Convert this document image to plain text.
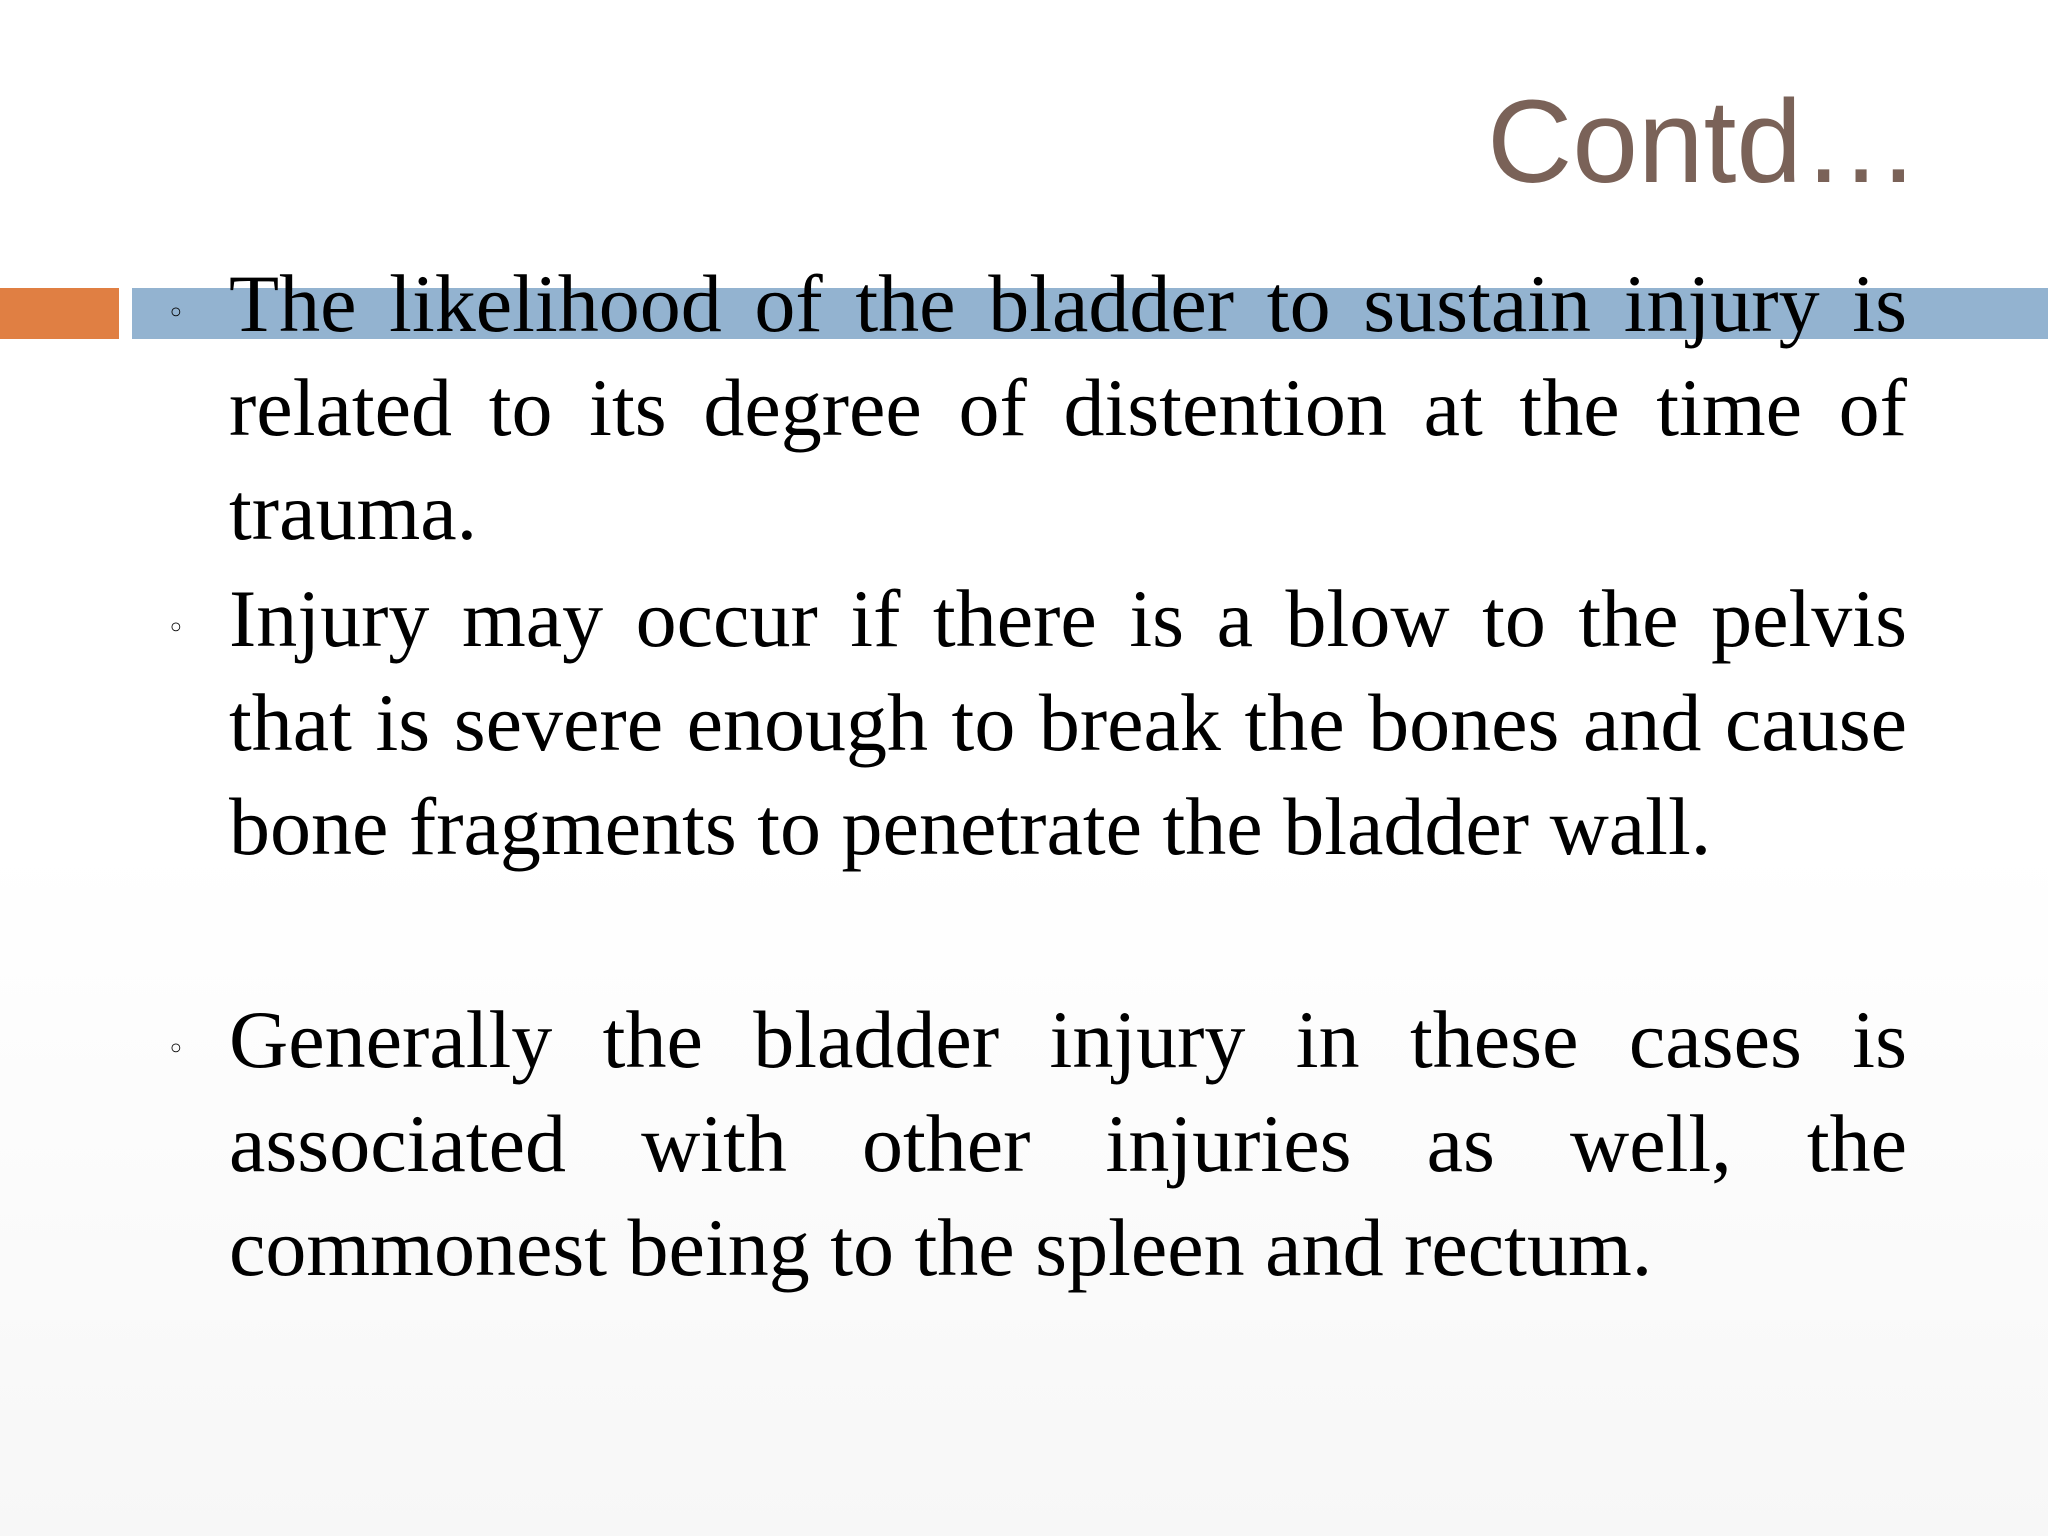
Contd…
◦ The likelihood of the bladder to sustain injury is related to its degree of distention at the time of trauma.
◦ Injury may occur if there is a blow to the pelvis that is severe enough to break the bones and cause bone fragments to penetrate the bladder wall.
◦ Generally the bladder injury in these cases is associated with other injuries as well, the commonest being to the spleen and rectum.
